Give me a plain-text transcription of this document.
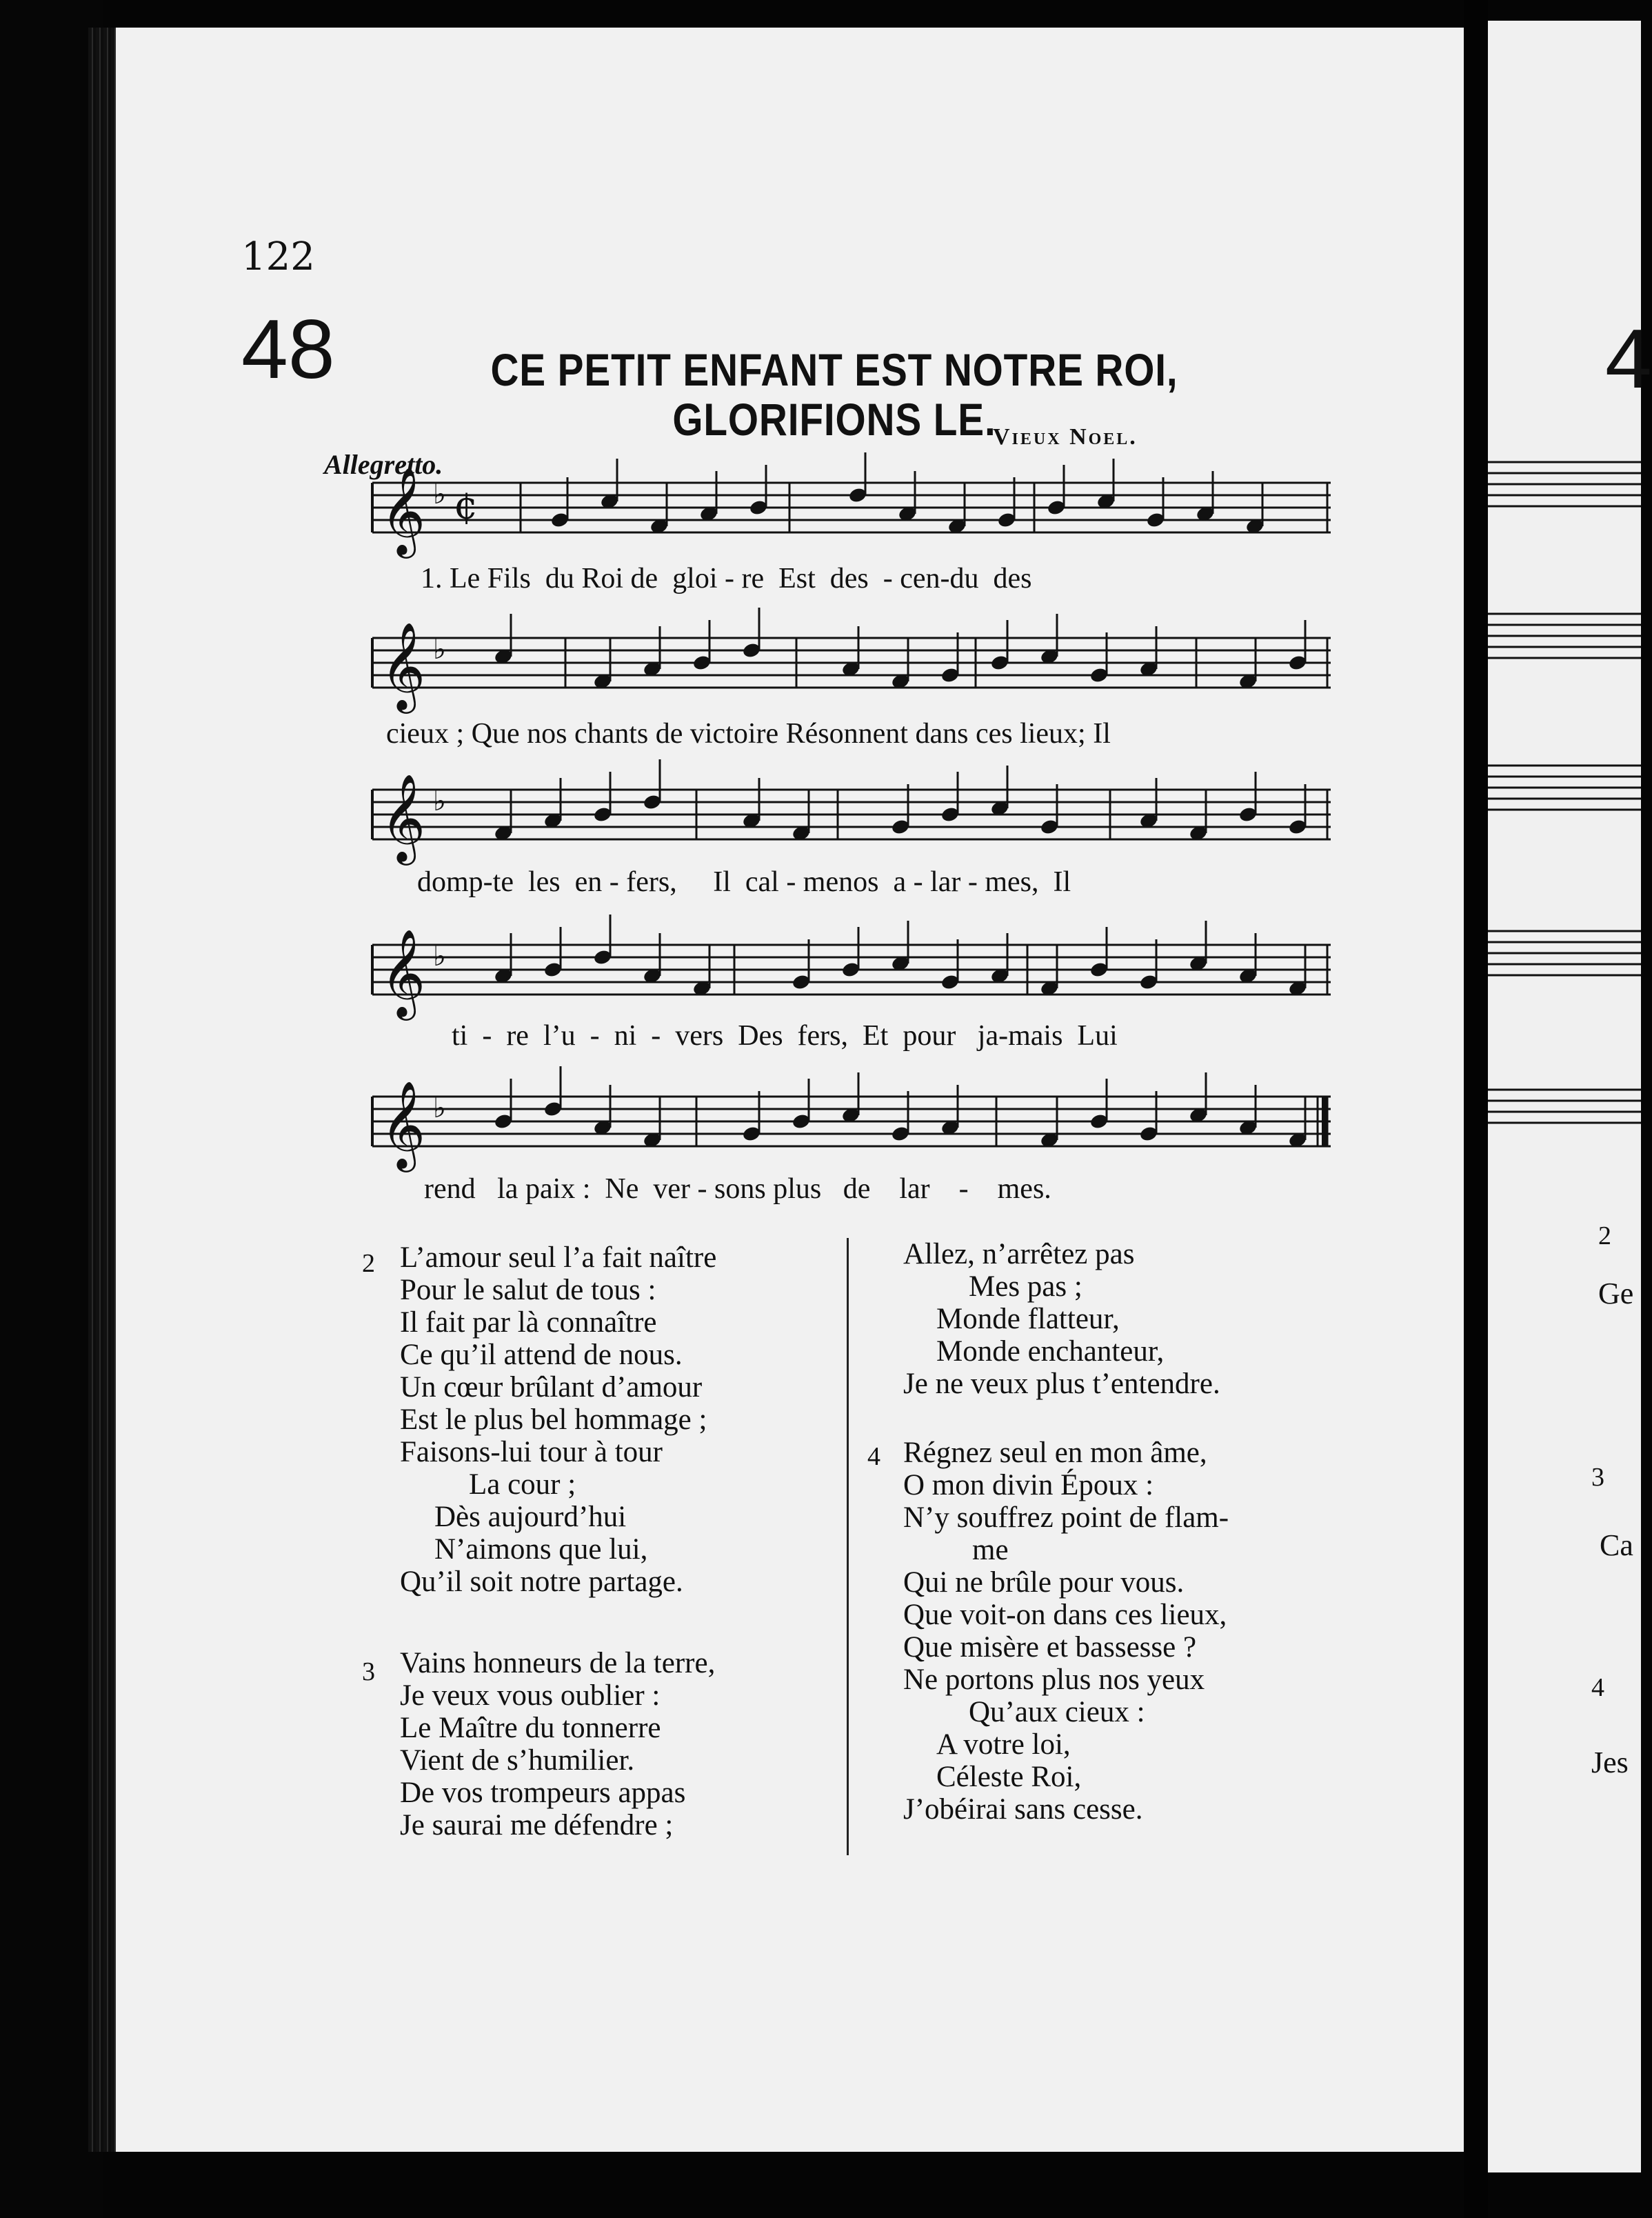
122
48	CE PETIT ENFANT EST NOTRE ROI,
GLORIFIONS LE.
Vieux Noel.
Allegretto.
𝄞 ♭ ¢
𝄞 ♭
𝄞 ♭
𝄞 ♭
𝄞 ♭
1. Le Fils  du Roi de  gloi - re  Est  des  - cen-du  des
cieux ; Que nos chants de victoire Résonnent dans ces lieux; Il
domp-te  les  en - fers,     Il  cal - menos  a - lar - mes,  Il
ti  -  re  l’u  -  ni  -  vers  Des  fers,  Et  pour   ja-mais  Lui
rend   la paix :  Ne  ver - sons plus   de    lar    -    mes.
2 L’amour seul l’a fait naître
Pour le salut de tous :
Il fait par là connaître
Ce qu’il attend de nous.
Un cœur brûlant d’amour
Est le plus bel hommage ;
Faisons-lui tour à tour
La cour ;
Dès aujourd’hui
N’aimons que lui,
Qu’il soit notre partage.
3 Vains honneurs de la terre,
Je veux vous oublier :
Le Maître du tonnerre
Vient de s’humilier.
De vos trompeurs appas
Je saurai me défendre ;
Allez, n’arrêtez pas
Mes pas ;
Monde flatteur,
Monde enchanteur,
Je ne veux plus t’entendre.
4 Régnez seul en mon âme,
O mon divin Époux :
N’y souffrez point de flam-
me
Qui ne brûle pour vous.
Que voit-on dans ces lieux,
Que misère et bassesse ?
Ne portons plus nos yeux
Qu’aux cieux :
A votre loi,
Céleste Roi,
J’obéirai sans cesse.
4
2
Ge
3
Ca
4
Jes
